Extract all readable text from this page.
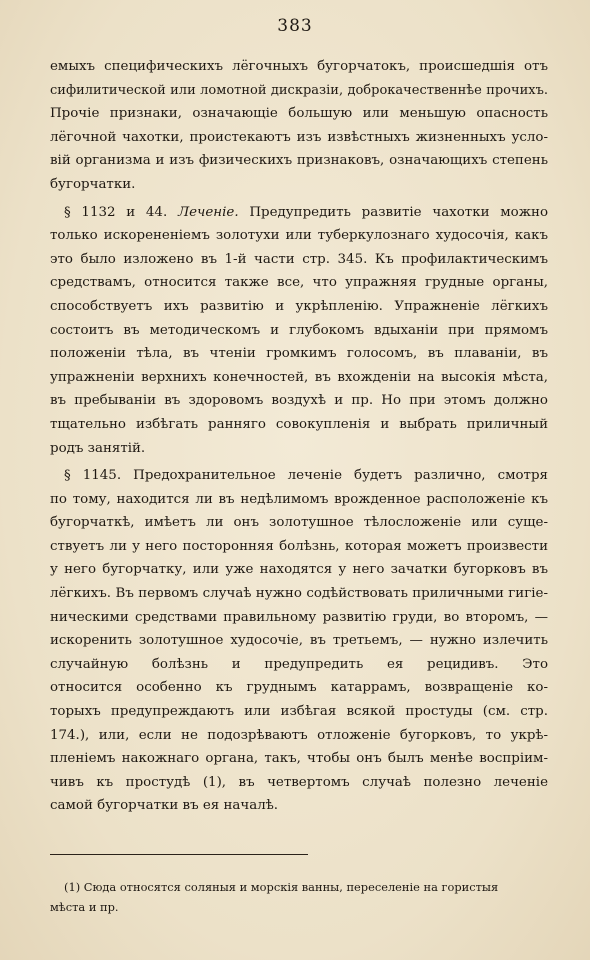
383
емыхъ специфическихъ лёгочныхъ бугорчатокъ, происшедшія отъ
сифилитической или ломотной дискразіи, доброкачественнѣе прочихъ.
Прочіе признаки, означающіе большую или меньшую опасность
лёгочной чахотки, проистекаютъ изъ извѣстныхъ жизненныхъ усло-
вій организма и изъ физическихъ признаковъ, означающихъ степень
бугорчатки.
§ 1132 и 44. Леченіе. Предупредить развитіе чахотки можно
только искорененіемъ золотухи или туберкулознаго худосочія, какъ
это было изложено въ 1-й части стр. 345. Къ профилактическимъ
средствамъ, относится также все, что упражняя грудные органы,
способствуетъ ихъ развитію и укрѣпленію. Упражненіе лёгкихъ
состоитъ въ методическомъ и глубокомъ вдыханіи при прямомъ
положеніи тѣла, въ чтеніи громкимъ голосомъ, въ плаваніи, въ
упражненіи верхнихъ конечностей, въ вхожденіи на высокія мѣста,
въ пребываніи въ здоровомъ воздухѣ и пр. Но при этомъ должно
тщательно избѣгать ранняго совокупленія и выбрать приличный
родъ занятій.
§ 1145. Предохранительное леченіе будетъ различно, смотря
по тому, находится ли въ недѣлимомъ врожденное расположеніе къ
бугорчаткѣ, имѣетъ ли онъ золотушное тѣлосложеніе или суще-
ствуетъ ли у него посторонняя болѣзнь, которая можетъ произвести
у него бугорчатку, или уже находятся у него зачатки бугорковъ въ
лёгкихъ. Въ первомъ случаѣ нужно содѣйствовать приличными гигіе-
ническими средствами правильному развитію груди, во второмъ, —
искоренить золотушное худосочіе, въ третьемъ, — нужно излечить
случайную болѣзнь и предупредить ея рецидивъ. Это
относится особенно къ груднымъ катаррамъ, возвращеніе ко-
торыхъ предупреждаютъ или избѣгая всякой простуды (см. стр.
174.), или, если не подозрѣваютъ отложеніе бугорковъ, то укрѣ-
пленіемъ накожнаго органа, такъ, чтобы онъ былъ менѣе воспріим-
чивъ къ простудѣ (1), въ четвертомъ случаѣ полезно леченіе
самой бугорчатки въ ея началѣ.
(1) Сюда относятся соляныя и морскія ванны, переселеніе на гористыя
мѣста и пр.
